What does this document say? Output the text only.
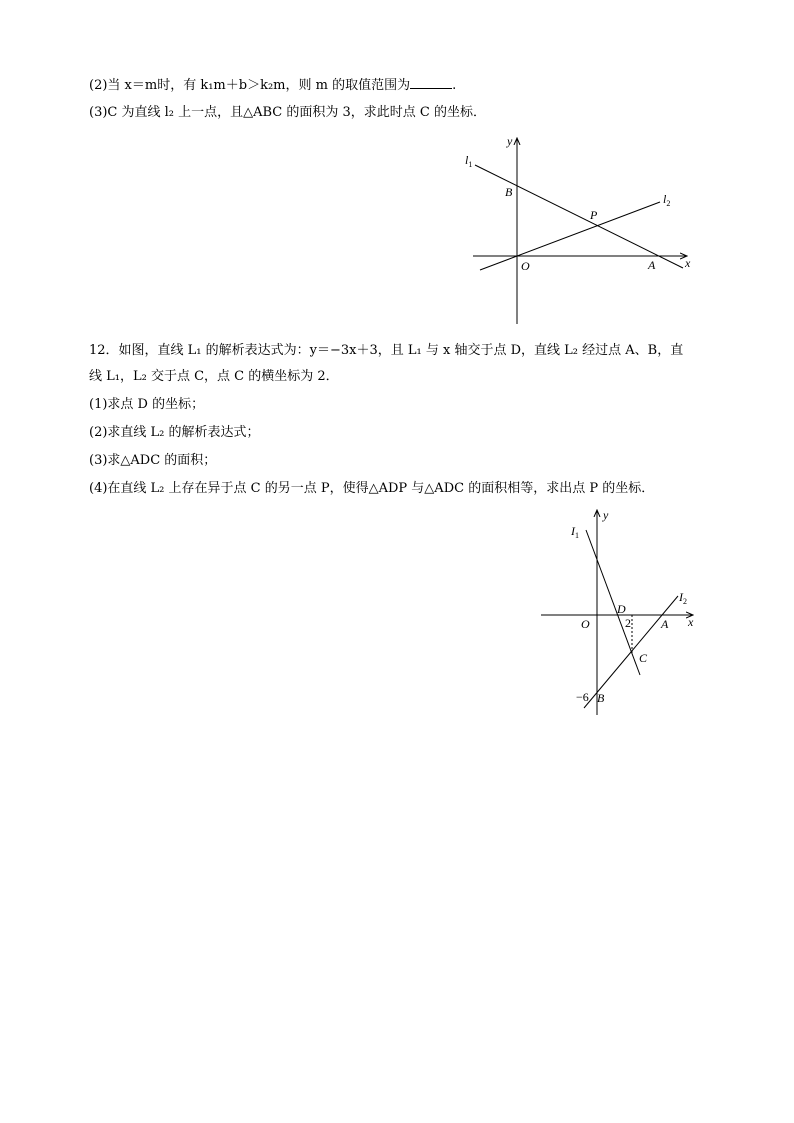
(2)当 x＝m时，有 k₁m＋b＞k₂m，则 m 的取值范围为	.
(3)C 为直线 l₂ 上一点，且△ABC 的面积为 3，求此时点 C 的坐标．
y
x
$l_1$
$l_2$
B
P
O	A
12．如图，直线 L₁ 的解析表达式为：y＝−3x＋3，且 L₁ 与 x 轴交于点 D，直线 L₂ 经过点 A、B，直
线 L₁，L₂ 交于点 C，点 C 的横坐标为 2．
(1)求点 D 的坐标；
(2)求直线 L₂ 的解析表达式；
(3)求△ADC 的面积；
(4)在直线 L₂ 上存在异于点 C 的另一点 P，使得△ADP 与△ADC 的面积相等，求出点 P 的坐标．
y
x
$I_1$
$I_2$
D
2	A
O
C
−6 B
